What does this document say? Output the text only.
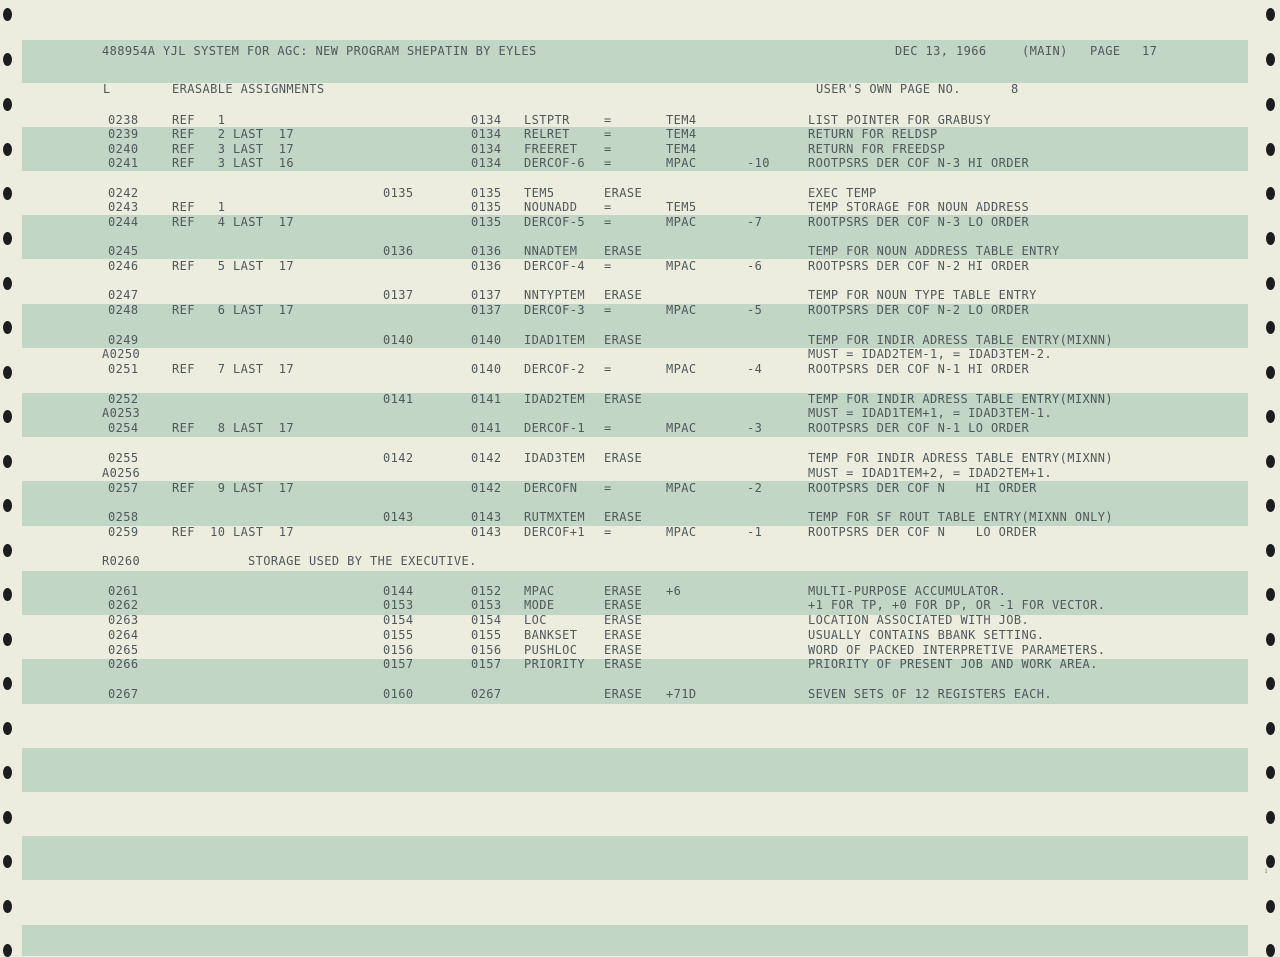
⋯

488954A YJL SYSTEM FOR AGC: NEW PROGRAM SHEPATIN BY EYLES

	DEC 13, 1966

	(MAIN)

PAGE

17

L

	ERASABLE ASSIGNMENTS

	USER'S OWN PAGE NO.

	8

0238	REF   1	0134 LSTPTR	=	TEM4	LIST POINTER FOR GRABUSY
0239	REF   2 LAST  17	0134 RELRET	=	TEM4	RETURN FOR RELDSP
0240	REF   3 LAST  17	0134 FREERET =	TEM4	RETURN FOR FREEDSP
0241	REF   3 LAST  16	0134 DERCOF-6 =	MPAC	-10	ROOTPSRS DER COF N-3 HI ORDER
0242	0135	0135 TEM5	ERASE	EXEC TEMP
0243	REF   1	0135 NOUNADD =	TEM5	TEMP STORAGE FOR NOUN ADDRESS
0244	REF   4 LAST  17	0135 DERCOF-5 =	MPAC	-7	ROOTPSRS DER COF N-3 LO ORDER
0245	0136	0136 NNADTEM ERASE	TEMP FOR NOUN ADDRESS TABLE ENTRY
0246	REF   5 LAST  17	0136 DERCOF-4 =	MPAC	-6	ROOTPSRS DER COF N-2 HI ORDER
0247	0137	0137 NNTYPTEM ERASE	TEMP FOR NOUN TYPE TABLE ENTRY
0248	REF   6 LAST  17	0137 DERCOF-3 =	MPAC	-5	ROOTPSRS DER COF N-2 LO ORDER
0249	0140	0140 IDAD1TEM ERASE	TEMP FOR INDIR ADRESS TABLE ENTRY(MIXNN)
A0250	MUST = IDAD2TEM-1, = IDAD3TEM-2.
0251	REF   7 LAST  17	0140 DERCOF-2 =	MPAC	-4	ROOTPSRS DER COF N-1 HI ORDER
0252	0141	0141 IDAD2TEM ERASE	TEMP FOR INDIR ADRESS TABLE ENTRY(MIXNN)
A0253	MUST = IDAD1TEM+1, = IDAD3TEM-1.
0254	REF   8 LAST  17	0141 DERCOF-1 =	MPAC	-3	ROOTPSRS DER COF N-1 LO ORDER
0255	0142	0142 IDAD3TEM ERASE	TEMP FOR INDIR ADRESS TABLE ENTRY(MIXNN)
A0256	MUST = IDAD1TEM+2, = IDAD2TEM+1.
0257	REF   9 LAST  17	0142 DERCOFN =	MPAC	-2	ROOTPSRS DER COF N    HI ORDER
0258	0143	0143 RUTMXTEM ERASE	TEMP FOR SF ROUT TABLE ENTRY(MIXNN ONLY)
0259	REF  10 LAST  17	0143 DERCOF+1 =	MPAC	-1	ROOTPSRS DER COF N    LO ORDER
R0260	STORAGE USED BY THE EXECUTIVE.
0261	0144	0152 MPAC	ERASE +6	MULTI-PURPOSE ACCUMULATOR.
0262	0153	0153 MODE	ERASE	+1 FOR TP, +0 FOR DP, OR -1 FOR VECTOR.
0263	0154	0154 LOC	ERASE	LOCATION ASSOCIATED WITH JOB.
0264	0155	0155 BANKSET ERASE	USUALLY CONTAINS BBANK SETTING.
0265	0156	0156 PUSHLOC ERASE	WORD OF PACKED INTERPRETIVE PARAMETERS.
0266	0157	0157 PRIORITY ERASE	PRIORITY OF PRESENT JOB AND WORK AREA.
0267	0160	0267	ERASE +71D	SEVEN SETS OF 12 REGISTERS EACH.
